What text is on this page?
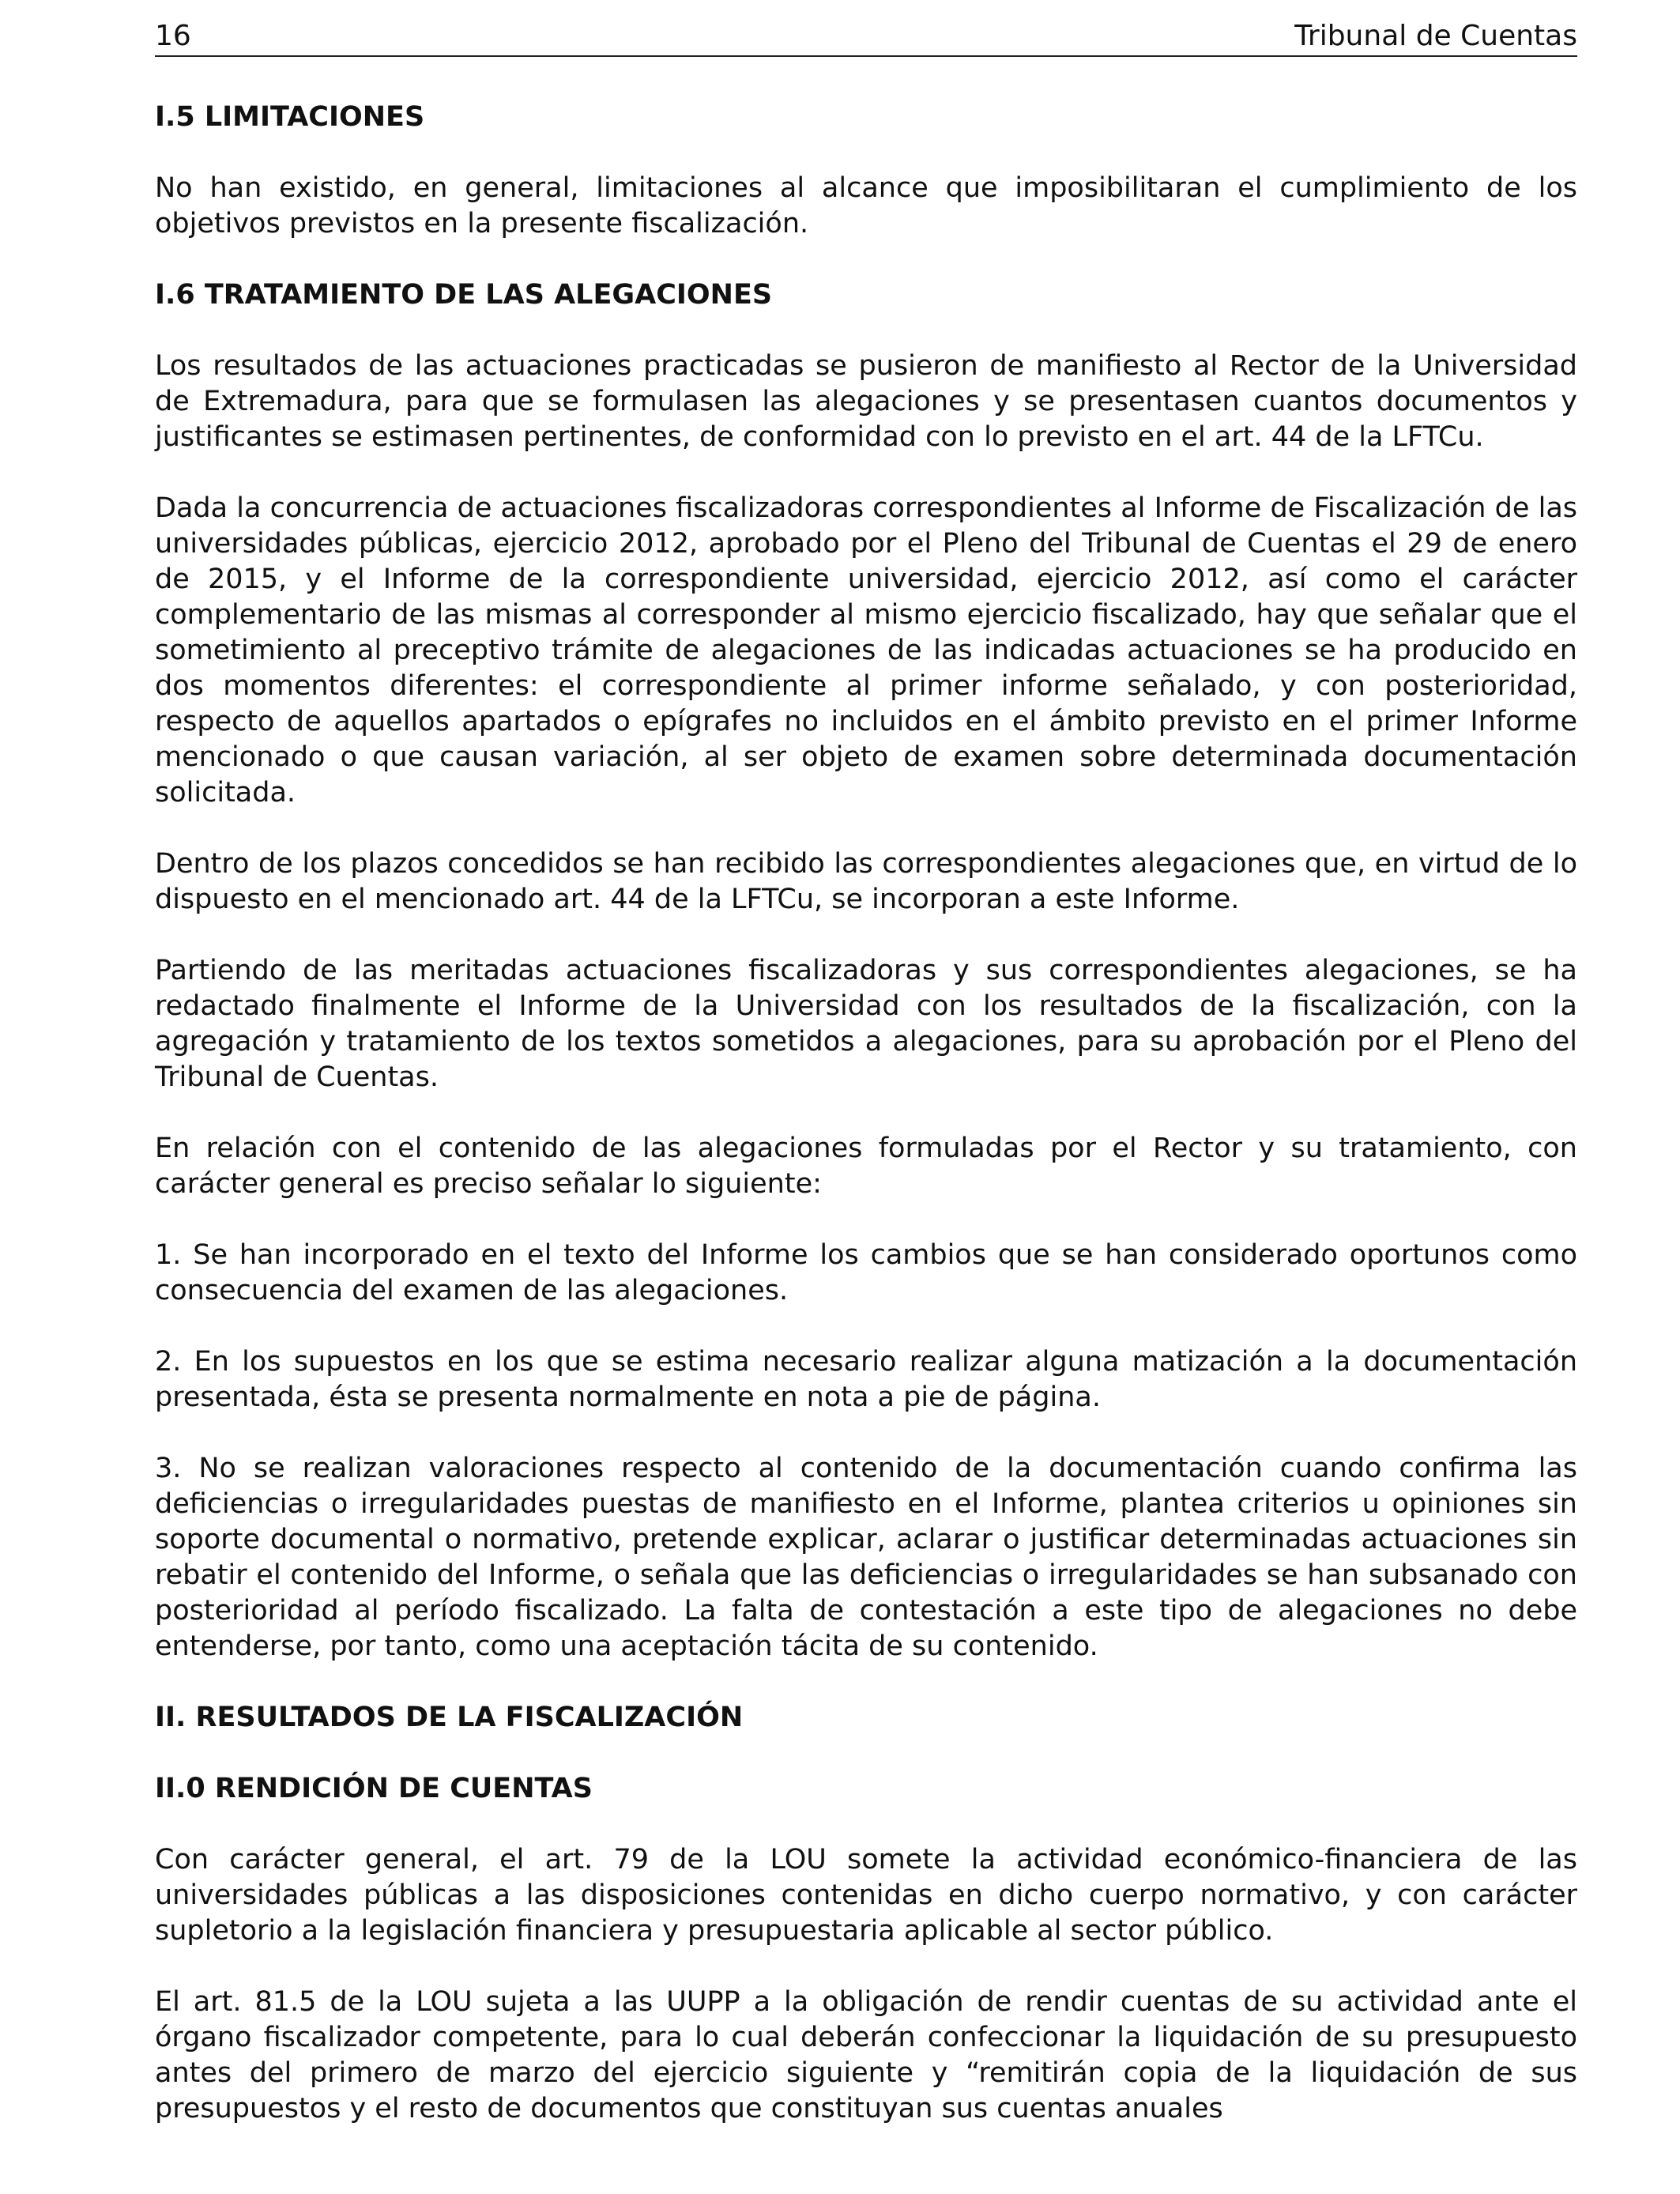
16	Tribunal de Cuentas
I.5 LIMITACIONES

No han existido, en general, limitaciones al alcance que imposibilitaran el cumplimiento de los objetivos previstos en la presente fiscalización.

I.6 TRATAMIENTO DE LAS ALEGACIONES

Los resultados de las actuaciones practicadas se pusieron de manifiesto al Rector de la Universidad de Extremadura, para que se formulasen las alegaciones y se presentasen cuantos documentos y justificantes se estimasen pertinentes, de conformidad con lo previsto en el art. 44 de la LFTCu.

Dada la concurrencia de actuaciones fiscalizadoras correspondientes al Informe de Fiscalización de las universidades públicas, ejercicio 2012, aprobado por el Pleno del Tribunal de Cuentas el 29 de enero de 2015, y el Informe de la correspondiente universidad, ejercicio 2012, así como el carácter complementario de las mismas al corresponder al mismo ejercicio fiscalizado, hay que señalar que el sometimiento al preceptivo trámite de alegaciones de las indicadas actuaciones se ha producido en dos momentos diferentes: el correspondiente al primer informe señalado, y con posterioridad, respecto de aquellos apartados o epígrafes no incluidos en el ámbito previsto en el primer Informe mencionado o que causan variación, al ser objeto de examen sobre determinada documentación solicitada.

Dentro de los plazos concedidos se han recibido las correspondientes alegaciones que, en virtud de lo dispuesto en el mencionado art. 44 de la LFTCu, se incorporan a este Informe.

Partiendo de las meritadas actuaciones fiscalizadoras y sus correspondientes alegaciones, se ha redactado finalmente el Informe de la Universidad con los resultados de la fiscalización, con la agregación y tratamiento de los textos sometidos a alegaciones, para su aprobación por el Pleno del Tribunal de Cuentas.

En relación con el contenido de las alegaciones formuladas por el Rector y su tratamiento, con carácter general es preciso señalar lo siguiente:

1. Se han incorporado en el texto del Informe los cambios que se han considerado oportunos como consecuencia del examen de las alegaciones.

2. En los supuestos en los que se estima necesario realizar alguna matización a la documentación presentada, ésta se presenta normalmente en nota a pie de página.

3. No se realizan valoraciones respecto al contenido de la documentación cuando confirma las deficiencias o irregularidades puestas de manifiesto en el Informe, plantea criterios u opiniones sin soporte documental o normativo, pretende explicar, aclarar o justificar determinadas actuaciones sin rebatir el contenido del Informe, o señala que las deficiencias o irregularidades se han subsanado con posterioridad al período fiscalizado. La falta de contestación a este tipo de alegaciones no debe entenderse, por tanto, como una aceptación tácita de su contenido.

II. RESULTADOS DE LA FISCALIZACIÓN
II.0 RENDICIÓN DE CUENTAS

Con carácter general, el art. 79 de la LOU somete la actividad económico-financiera de las universidades públicas a las disposiciones contenidas en dicho cuerpo normativo, y con carácter supletorio a la legislación financiera y presupuestaria aplicable al sector público.

El art. 81.5 de la LOU sujeta a las UUPP a la obligación de rendir cuentas de su actividad ante el órgano fiscalizador competente, para lo cual deberán confeccionar la liquidación de su presupuesto antes del primero de marzo del ejercicio siguiente y “remitirán copia de la liquidación de sus presupuestos y el resto de documentos que constituyan sus cuentas anuales
